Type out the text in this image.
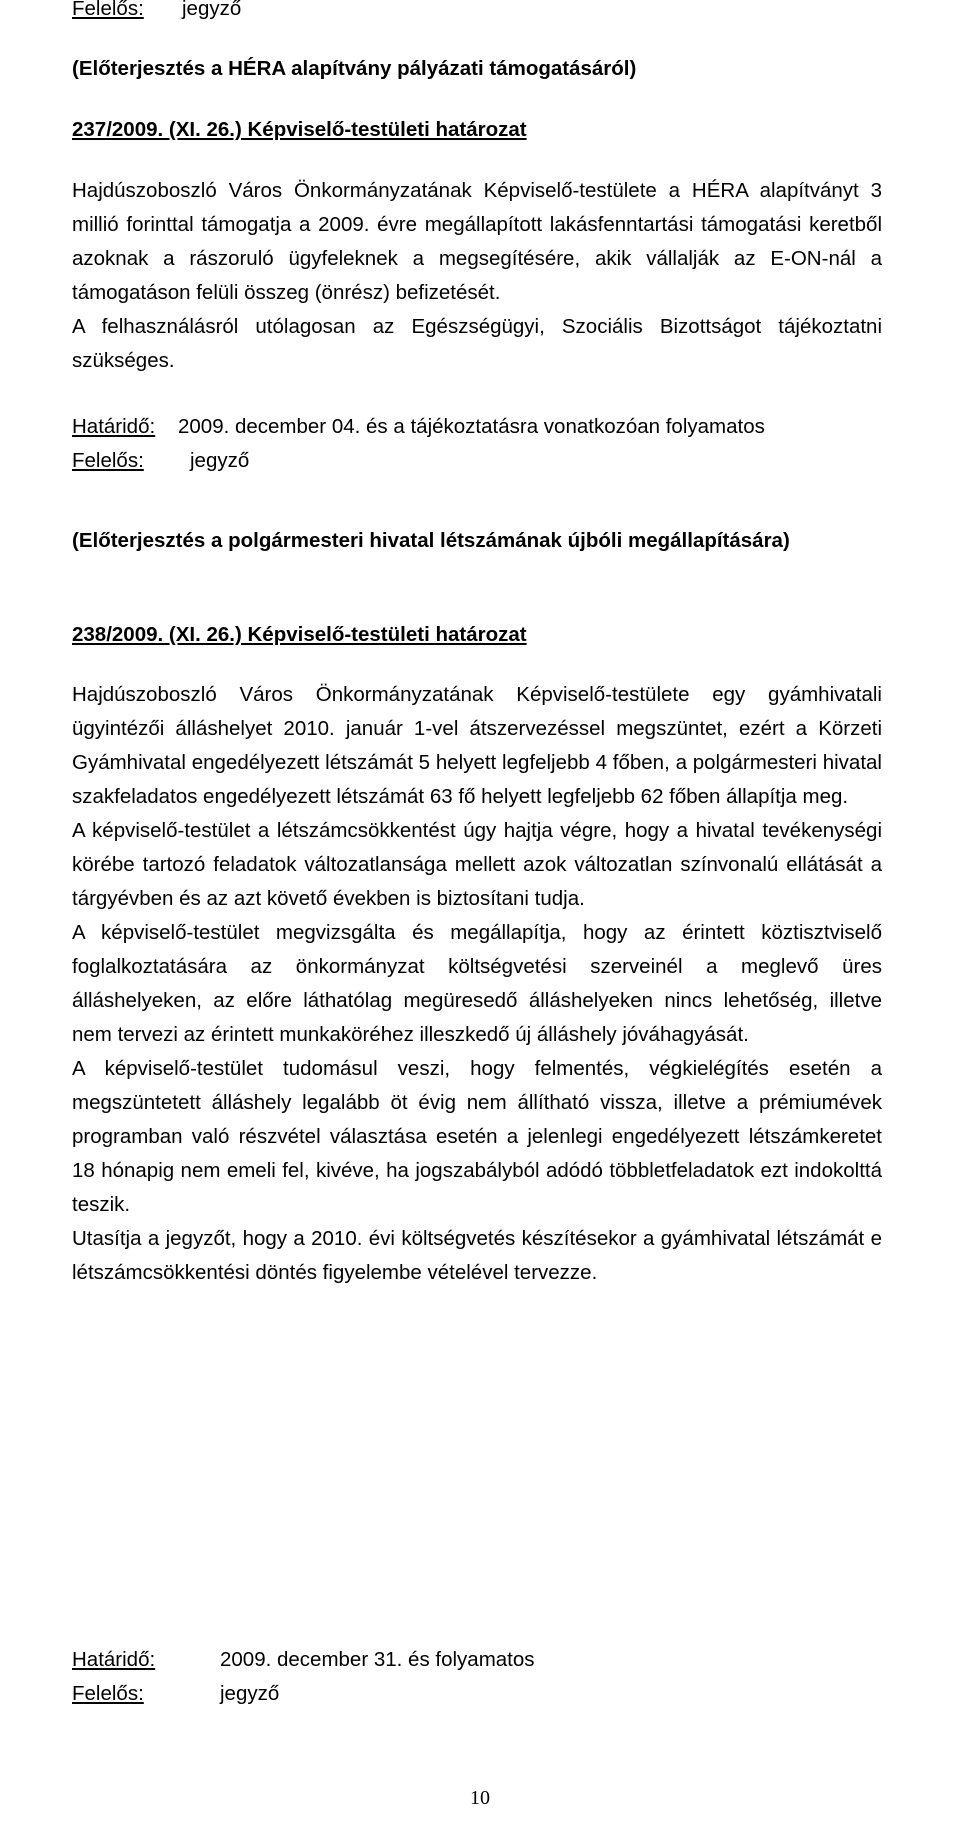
Felelős: jegyző

(Előterjesztés a HÉRA alapítvány pályázati támogatásáról)

237/2009. (XI. 26.) Képviselő-testületi határozat

Hajdúszoboszló Város Önkormányzatának Képviselő-testülete a HÉRA alapítványt 3 millió forinttal támogatja a 2009. évre megállapított lakásfenntartási támogatási keretből azoknak a rászoruló ügyfeleknek a megsegítésére, akik vállalják az E-ON-nál a támogatáson felüli összeg (önrész) befizetését.

A felhasználásról utólagosan az Egészségügyi, Szociális Bizottságot tájékoztatni szükséges.

Határidő: 2009. december 04. és a tájékoztatásra vonatkozóan folyamatos

Felelős: jegyző

(Előterjesztés a polgármesteri hivatal létszámának újbóli megállapítására)

238/2009. (XI. 26.) Képviselő-testületi határozat

Hajdúszoboszló Város Önkormányzatának Képviselő-testülete egy gyámhivatali ügyintézői álláshelyet 2010. január 1-vel átszervezéssel megszüntet, ezért a Körzeti Gyámhivatal engedélyezett létszámát 5 helyett legfeljebb 4 főben, a polgármesteri hivatal szakfeladatos engedélyezett létszámát 63 fő helyett legfeljebb 62 főben állapítja meg.

A képviselő-testület a létszámcsökkentést úgy hajtja végre, hogy a hivatal tevékenységi körébe tartozó feladatok változatlansága mellett azok változatlan színvonalú ellátását a tárgyévben és az azt követő években is biztosítani tudja.

A képviselő-testület megvizsgálta és megállapítja, hogy az érintett köztisztviselő foglalkoztatására az önkormányzat költségvetési szerveinél a meglevő üres álláshelyeken, az előre láthatólag megüresedő álláshelyeken nincs lehetőség, illetve nem tervezi az érintett munkaköréhez illeszkedő új álláshely jóváhagyását.

A képviselő-testület tudomásul veszi, hogy felmentés, végkielégítés esetén a megszüntetett álláshely legalább öt évig nem állítható vissza, illetve a prémiumévek programban való részvétel választása esetén a jelenlegi engedélyezett létszámkeretet 18 hónapig nem emeli fel, kivéve, ha jogszabályból adódó többletfeladatok ezt indokolttá teszik.

Utasítja a jegyzőt, hogy a 2010. évi költségvetés készítésekor a gyámhivatal létszámát e létszámcsökkentési döntés figyelembe vételével tervezze.

Határidő:	2009. december 31. és folyamatos

Felelős:	jegyző

10
